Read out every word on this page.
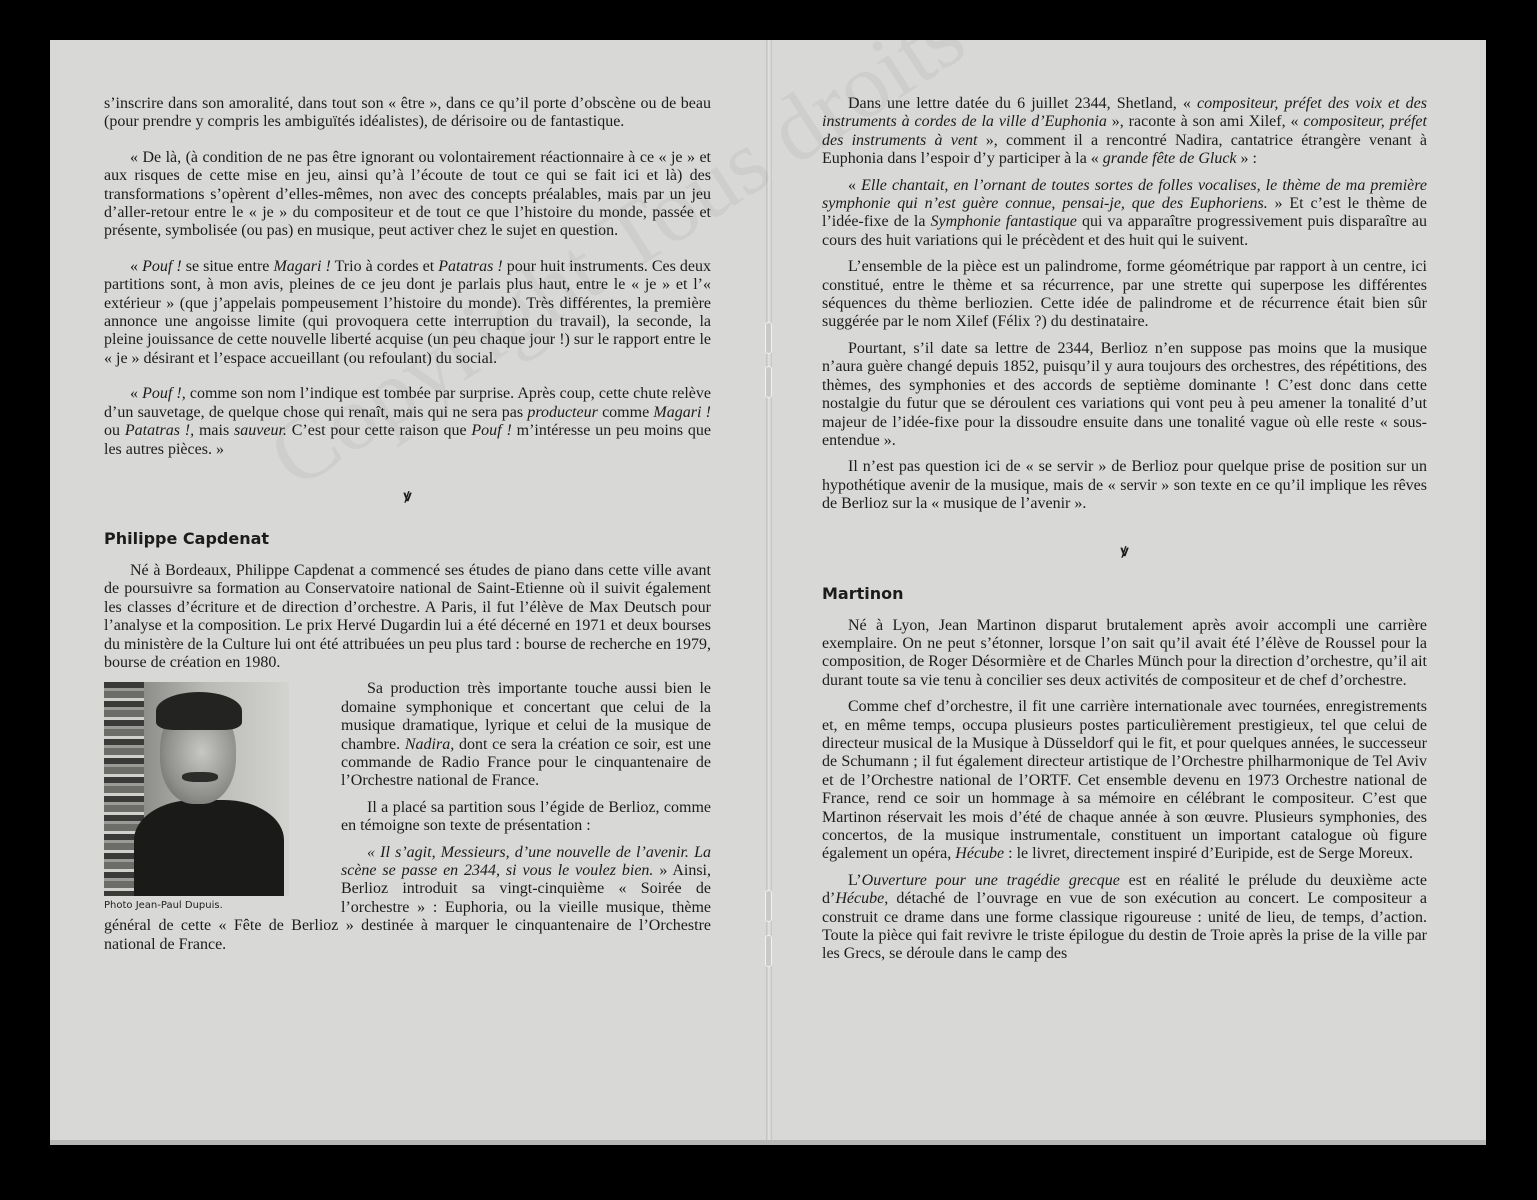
s’inscrire dans son amoralité, dans tout son « être », dans ce qu’il porte d’obscène ou de beau (pour prendre y compris les ambiguïtés idéalistes), de dérisoire ou de fantastique.

« De là, (à condition de ne pas être ignorant ou volontairement réactionnaire à ce « je » et aux risques de cette mise en jeu, ainsi qu’à l’écoute de tout ce qui se fait ici et là) des transformations s’opèrent d’elles-mêmes, non avec des concepts préalables, mais par un jeu d’aller-retour entre le « je » du compositeur et de tout ce que l’histoire du monde, passée et présente, symbolisée (ou pas) en musique, peut activer chez le sujet en question.

« Pouf ! se situe entre Magari ! Trio à cordes et Patatras ! pour huit instruments. Ces deux partitions sont, à mon avis, pleines de ce jeu dont je parlais plus haut, entre le « je » et l’« extérieur » (que j’appelais pompeusement l’histoire du monde). Très différentes, la première annonce une angoisse limite (qui provoquera cette interruption du travail), la seconde, la pleine jouissance de cette nouvelle liberté acquise (un peu chaque jour !) sur le rapport entre le « je » désirant et l’espace accueillant (ou refoulant) du social.

« Pouf !, comme son nom l’indique est tombée par surprise. Après coup, cette chute relève d’un sauvetage, de quelque chose qui renaît, mais qui ne sera pas producteur comme Magari ! ou Patatras !, mais sauveur. C’est pour cette raison que Pouf ! m’intéresse un peu moins que les autres pièces. »

ꝟ
Philippe Capdenat

Né à Bordeaux, Philippe Capdenat a commencé ses études de piano dans cette ville avant de poursuivre sa formation au Conservatoire national de Saint-Etienne où il suivit également les classes d’écriture et de direction d’orchestre. A Paris, il fut l’élève de Max Deutsch pour l’analyse et la composition. Le prix Hervé Dugardin lui a été décerné en 1971 et deux bourses du ministère de la Culture lui ont été attribuées un peu plus tard : bourse de recherche en 1979, bourse de création en 1980.

Photo Jean-Paul Dupuis.

Sa production très importante touche aussi bien le domaine symphonique et concertant que celui de la musique dramatique, lyrique et celui de la musique de chambre. Nadira, dont ce sera la création ce soir, est une commande de Radio France pour le cinquantenaire de l’Orchestre national de France.

Il a placé sa partition sous l’égide de Berlioz, comme en témoigne son texte de présentation :

« Il s’agit, Messieurs, d’une nouvelle de l’avenir. La scène se passe en 2344, si vous le voulez bien. » Ainsi, Berlioz introduit sa vingt-cinquième « Soirée de l’orchestre » : Euphoria, ou la vieille musique, thème général de cette « Fête de Berlioz » destinée à marquer le cinquantenaire de l’Orchestre national de France.

Dans une lettre datée du 6 juillet 2344, Shetland, « compositeur, préfet des voix et des instruments à cordes de la ville d’Euphonia », raconte à son ami Xilef, « compositeur, préfet des instruments à vent », comment il a rencontré Nadira, cantatrice étrangère venant à Euphonia dans l’espoir d’y participer à la « grande fête de Gluck » :

« Elle chantait, en l’ornant de toutes sortes de folles vocalises, le thème de ma première symphonie qui n’est guère connue, pensai-je, que des Euphoriens. » Et c’est le thème de l’idée-fixe de la Symphonie fantastique qui va apparaître progressivement puis disparaître au cours des huit variations qui le précèdent et des huit qui le suivent.

L’ensemble de la pièce est un palindrome, forme géométrique par rapport à un centre, ici constitué, entre le thème et sa récurrence, par une strette qui superpose les différentes séquences du thème berliozien. Cette idée de palindrome et de récurrence était bien sûr suggérée par le nom Xilef (Félix ?) du destinataire.

Pourtant, s’il date sa lettre de 2344, Berlioz n’en suppose pas moins que la musique n’aura guère changé depuis 1852, puisqu’il y aura toujours des orchestres, des répétitions, des thèmes, des symphonies et des accords de septième dominante ! C’est donc dans cette nostalgie du futur que se déroulent ces variations qui vont peu à peu amener la tonalité d’ut majeur de l’idée-fixe pour la dissoudre ensuite dans une tonalité vague où elle reste « sous-entendue ».

Il n’est pas question ici de « se servir » de Berlioz pour quelque prise de position sur un hypothétique avenir de la musique, mais de « servir » son texte en ce qu’il implique les rêves de Berlioz sur la « musique de l’avenir ».

ꝟ
Martinon

Né à Lyon, Jean Martinon disparut brutalement après avoir accompli une carrière exemplaire. On ne peut s’étonner, lorsque l’on sait qu’il avait été l’élève de Roussel pour la composition, de Roger Désormière et de Charles Münch pour la direction d’orchestre, qu’il ait durant toute sa vie tenu à concilier ses deux activités de compositeur et de chef d’orchestre.

Comme chef d’orchestre, il fit une carrière internationale avec tournées, enregistrements et, en même temps, occupa plusieurs postes particulièrement prestigieux, tel que celui de directeur musical de la Musique à Düsseldorf qui le fit, et pour quelques années, le successeur de Schumann ; il fut également directeur artistique de l’Orchestre philharmonique de Tel Aviv et de l’Orchestre national de l’ORTF. Cet ensemble devenu en 1973 Orchestre national de France, rend ce soir un hommage à sa mémoire en célébrant le compositeur. C’est que Martinon réservait les mois d’été de chaque année à son œuvre. Plusieurs symphonies, des concertos, de la musique instrumentale, constituent un important catalogue où figure également un opéra, Hécube : le livret, directement inspiré d’Euripide, est de Serge Moreux.

L’Ouverture pour une tragédie grecque est en réalité le prélude du deuxième acte d’Hécube, détaché de l’ouvrage en vue de son exécution au concert. Le compositeur a construit ce drame dans une forme classique rigoureuse : unité de lieu, de temps, d’action. Toute la pièce qui fait revivre le triste épilogue du destin de Troie après la prise de la ville par les Grecs, se déroule dans le camp des
